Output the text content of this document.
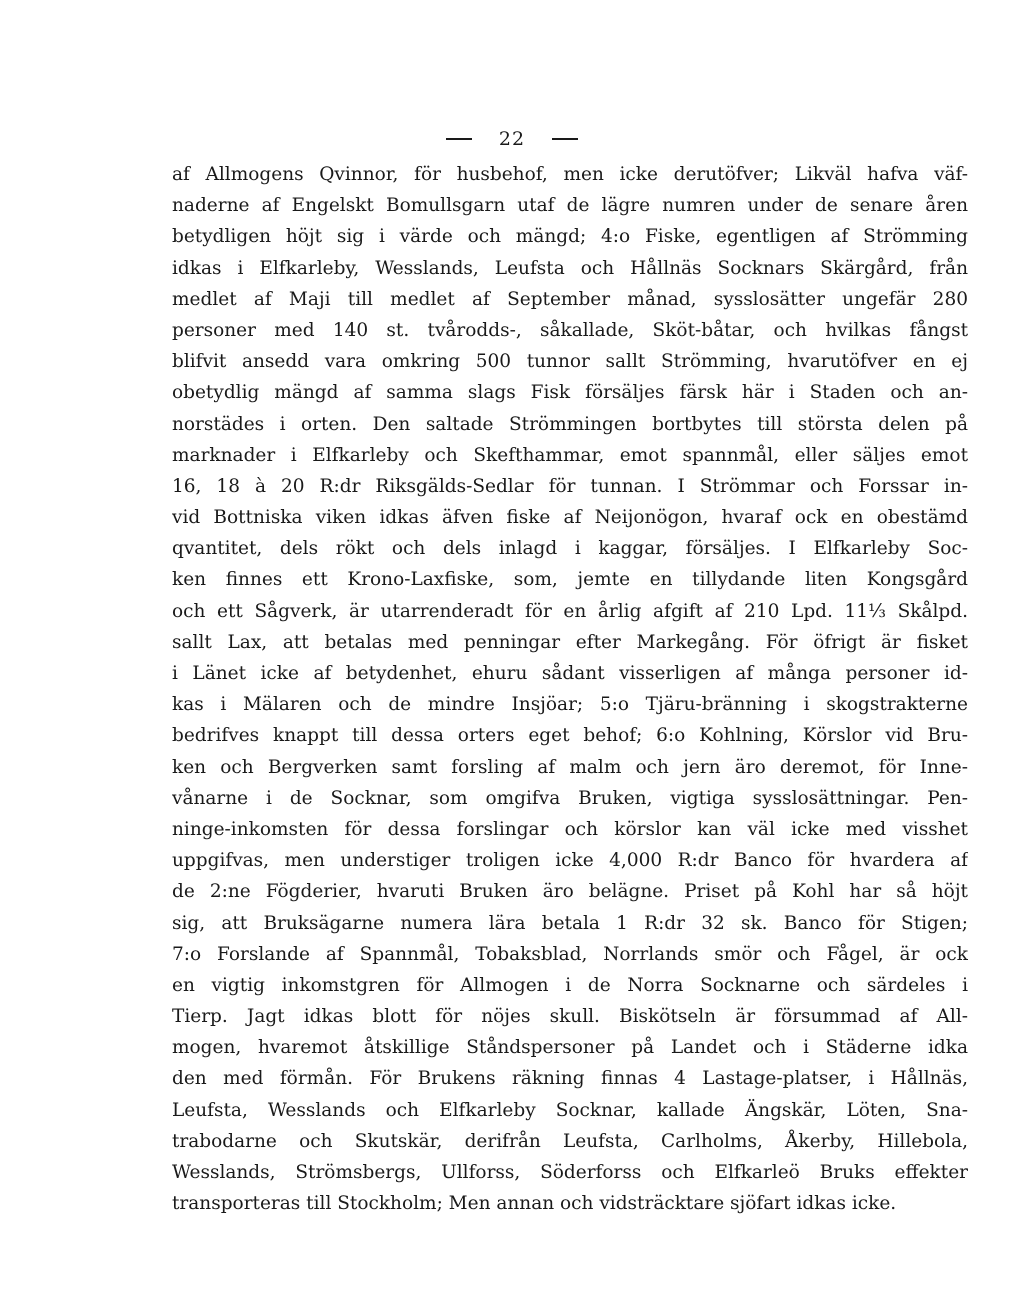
22
af Allmogens Qvinnor, för husbehof, men icke derutöfver; Likväl hafva väf-
naderne af Engelskt Bomullsgarn utaf de lägre numren under de senare åren
betydligen höjt sig i värde och mängd; 4:o Fiske, egentligen af Strömming
idkas i Elfkarleby, Wesslands, Leufsta och Hållnäs Socknars Skärgård, från
medlet af Maji till medlet af September månad, sysslosätter ungefär 280
personer med 140 st. tvårodds-, såkallade, Sköt-båtar, och hvilkas fångst
blifvit ansedd vara omkring 500 tunnor sallt Strömming, hvarutöfver en ej
obetydlig mängd af samma slags Fisk försäljes färsk här i Staden och an-
norstädes i orten. Den saltade Strömmingen bortbytes till största delen på
marknader i Elfkarleby och Skefthammar, emot spannmål, eller säljes emot
16, 18 à 20 R:dr Riksgälds-Sedlar för tunnan. I Strömmar och Forssar in-
vid Bottniska viken idkas äfven fiske af Neijonögon, hvaraf ock en obestämd
qvantitet, dels rökt och dels inlagd i kaggar, försäljes. I Elfkarleby Soc-
ken finnes ett Krono-Laxfiske, som, jemte en tillydande liten Kongsgård
och ett Sågverk, är utarrenderadt för en årlig afgift af 210 Lpd. 11⅓ Skålpd.
sallt Lax, att betalas med penningar efter Markegång. För öfrigt är fisket
i Länet icke af betydenhet, ehuru sådant visserligen af många personer id-
kas i Mälaren och de mindre Insjöar; 5:o Tjäru-bränning i skogstrakterne
bedrifves knappt till dessa orters eget behof; 6:o Kohlning, Körslor vid Bru-
ken och Bergverken samt forsling af malm och jern äro deremot, för Inne-
vånarne i de Socknar, som omgifva Bruken, vigtiga sysslosättningar. Pen-
ninge-inkomsten för dessa forslingar och körslor kan väl icke med visshet
uppgifvas, men understiger troligen icke 4,000 R:dr Banco för hvardera af
de 2:ne Fögderier, hvaruti Bruken äro belägne. Priset på Kohl har så höjt
sig, att Bruksägarne numera lära betala 1 R:dr 32 sk. Banco för Stigen;
7:o Forslande af Spannmål, Tobaksblad, Norrlands smör och Fågel, är ock
en vigtig inkomstgren för Allmogen i de Norra Socknarne och särdeles i
Tierp. Jagt idkas blott för nöjes skull. Biskötseln är försummad af All-
mogen, hvaremot åtskillige Ståndspersoner på Landet och i Städerne idka
den med förmån. För Brukens räkning finnas 4 Lastage-platser, i Hållnäs,
Leufsta, Wesslands och Elfkarleby Socknar, kallade Ängskär, Löten, Sna-
trabodarne och Skutskär, derifrån Leufsta, Carlholms, Åkerby, Hillebola,
Wesslands, Strömsbergs, Ullforss, Söderforss och Elfkarleö Bruks effekter
transporteras till Stockholm; Men annan och vidsträcktare sjöfart idkas icke.
